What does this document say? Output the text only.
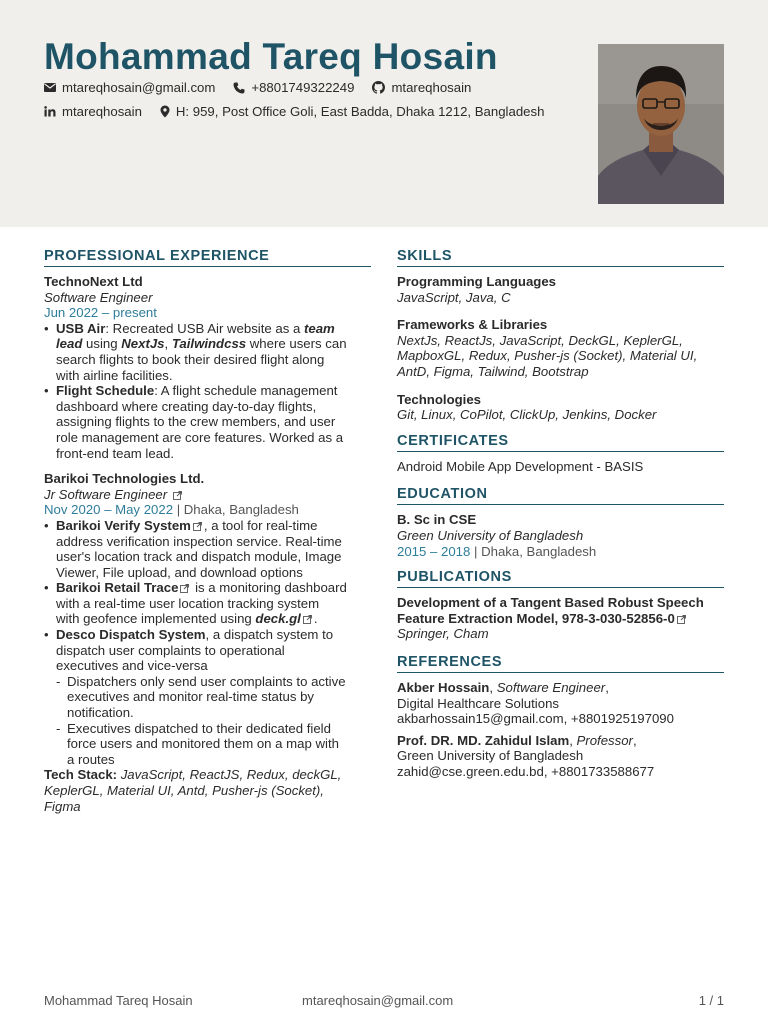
Mohammad Tareq Hosain
mtareqhosain@gmail.com	+8801749322249	mtareqhosain
mtareqhosain	H: 959, Post Office Goli, East Badda, Dhaka 1212, Bangladesh
PROFESSIONAL EXPERIENCE
TechnoNext Ltd
Software Engineer
Jun 2022 – present
• USB Air: Recreated USB Air website as a team
lead using NextJs, Tailwindcss where users can
search flights to book their desired flight along
with airline facilities.
• Flight Schedule: A flight schedule management
dashboard where creating day-to-day flights,
assigning flights to the crew members, and user
role management are core features. Worked as a
front-end team lead.
Barikoi Technologies Ltd.
Jr Software Engineer
Nov 2020 – May 2022 | Dhaka, Bangladesh
• Barikoi Verify System , a tool for real-time
address verification inspection service. Real-time
user's location track and dispatch module, Image
Viewer, File upload, and download options
• Barikoi Retail Trace is a monitoring dashboard
with a real-time user location tracking system
with geofence implemented using deck.gl .
• Desco Dispatch System, a dispatch system to
dispatch user complaints to operational
executives and vice-versa
- Dispatchers only send user complaints to active
executives and monitor real-time status by
notification.
- Executives dispatched to their dedicated field
force users and monitored them on a map with
a routes
Tech Stack: JavaScript, ReactJS, Redux, deckGL,
KeplerGL, Material UI, Antd, Pusher-js (Socket),
Figma
SKILLS
Programming Languages
JavaScript, Java, C
Frameworks & Libraries
NextJs, ReactJs, JavaScript, DeckGL, KeplerGL,
MapboxGL, Redux, Pusher-js (Socket), Material UI,
AntD, Figma, Tailwind, Bootstrap
Technologies
Git, Linux, CoPilot, ClickUp, Jenkins, Docker
CERTIFICATES
Android Mobile App Development - BASIS
EDUCATION
B. Sc in CSE
Green University of Bangladesh
2015 – 2018 | Dhaka, Bangladesh
PUBLICATIONS
Development of a Tangent Based Robust Speech
Feature Extraction Model, 978-3-030-52856-0
Springer, Cham
REFERENCES
Akber Hossain, Software Engineer,
Digital Healthcare Solutions
akbarhossain15@gmail.com, +8801925197090
Prof. DR. MD. Zahidul Islam, Professor,
Green University of Bangladesh
zahid@cse.green.edu.bd, +8801733588677
Mohammad Tareq Hosain	mtareqhosain@gmail.com	1 / 1
